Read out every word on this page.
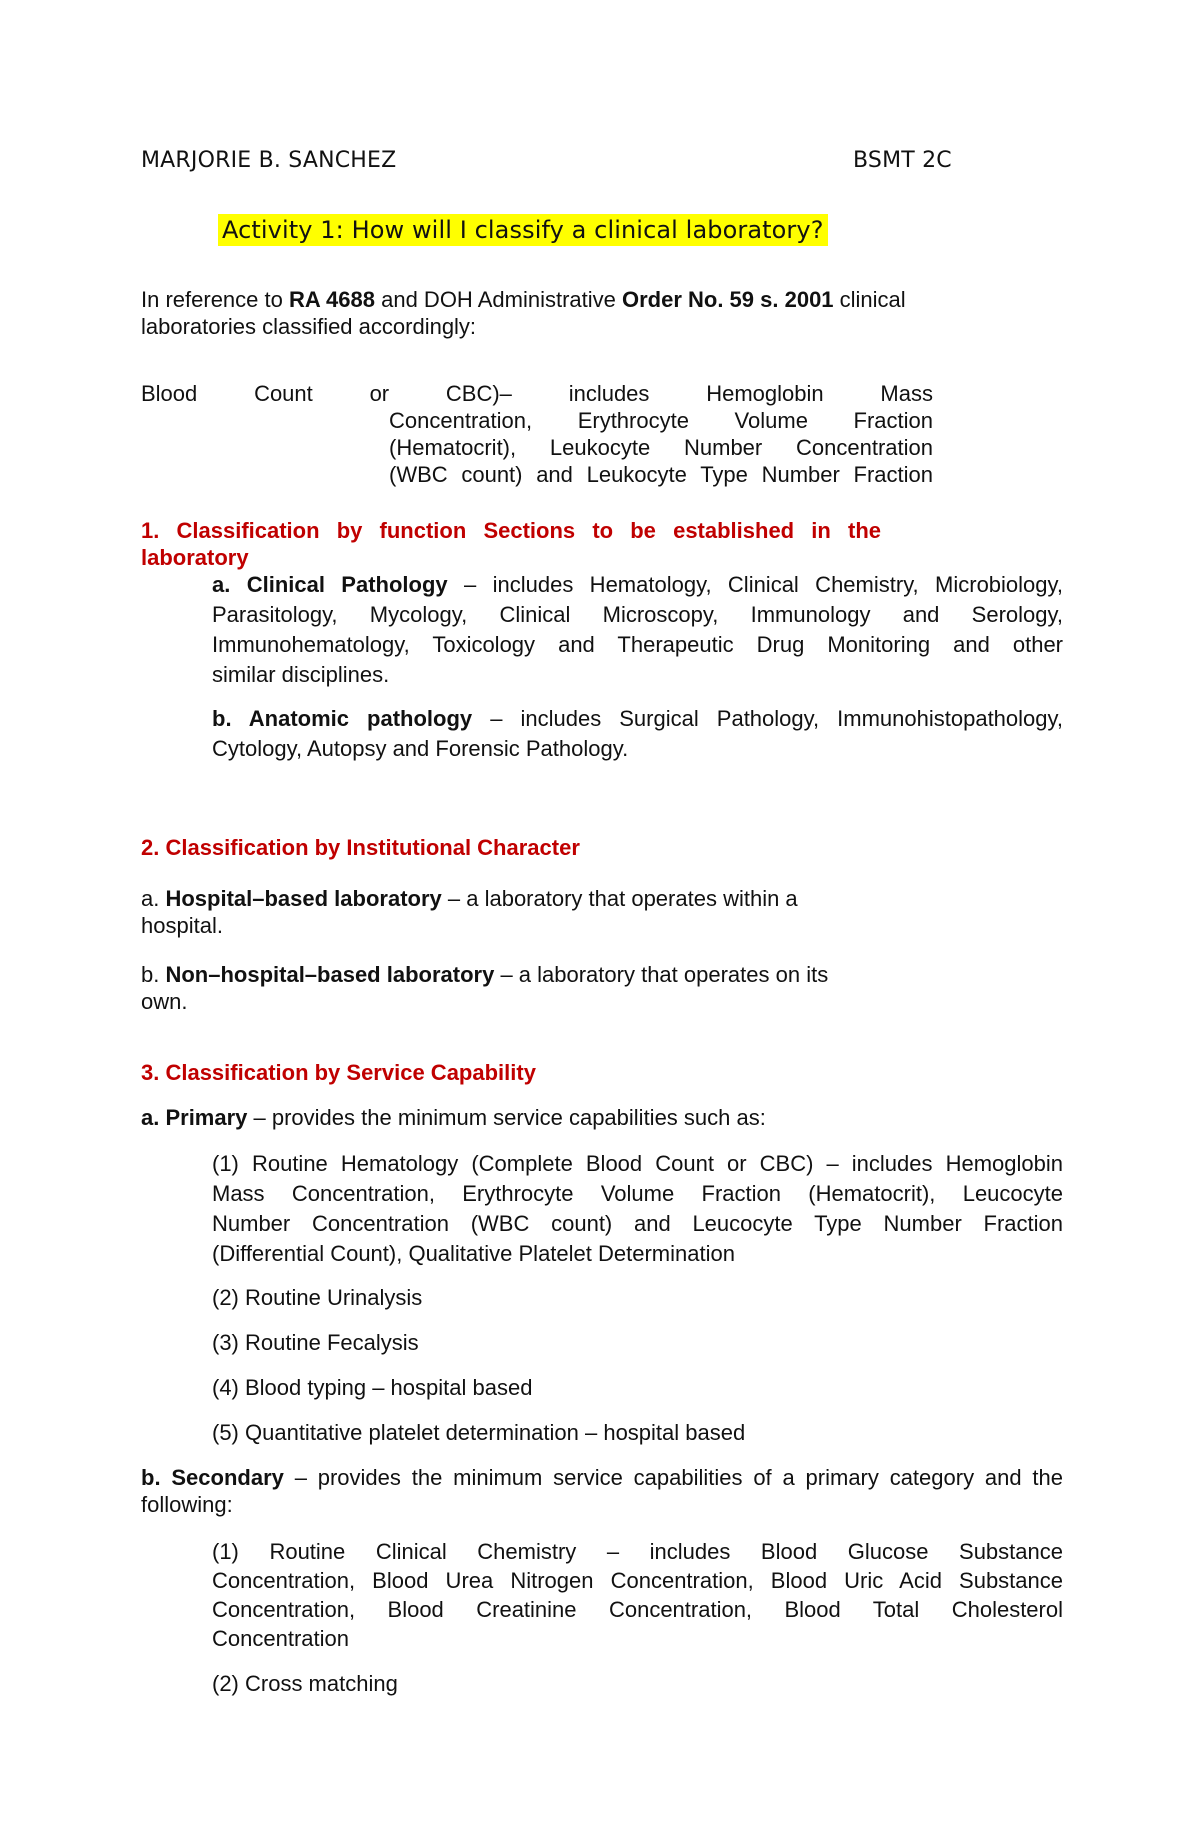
MARJORIE B. SANCHEZ	BSMT 2C
Activity 1: How will I classify a clinical laboratory?
In reference to RA 4688 and DOH Administrative Order No. 59 s. 2001 clinical
laboratories classified accordingly:
Blood	Count	or	CBC)–	includes	Hemoglobin	Mass
Concentration, Erythrocyte Volume Fraction
(Hematocrit), Leukocyte Number Concentration
(WBC count) and Leukocyte Type Number Fraction
1. Classification by function Sections to be established in the
laboratory
a. Clinical Pathology – includes Hematology, Clinical Chemistry, Microbiology,
Parasitology, Mycology, Clinical Microscopy, Immunology and Serology,
Immunohematology, Toxicology and Therapeutic Drug Monitoring and other
similar disciplines.
b. Anatomic pathology – includes Surgical Pathology, Immunohistopathology,
Cytology, Autopsy and Forensic Pathology.
2. Classification by Institutional Character
a. Hospital–based laboratory – a laboratory that operates within a
hospital.
b. Non–hospital–based laboratory – a laboratory that operates on its
own.
3. Classification by Service Capability
a. Primary – provides the minimum service capabilities such as:
(1) Routine Hematology (Complete Blood Count or CBC) – includes Hemoglobin
Mass Concentration, Erythrocyte Volume Fraction (Hematocrit), Leucocyte
Number Concentration (WBC count) and Leucocyte Type Number Fraction
(Differential Count), Qualitative Platelet Determination
(2) Routine Urinalysis
(3) Routine Fecalysis
(4) Blood typing – hospital based
(5) Quantitative platelet determination – hospital based
b. Secondary – provides the minimum service capabilities of a primary category and the
following:
(1) Routine Clinical Chemistry – includes Blood Glucose Substance
Concentration, Blood Urea Nitrogen Concentration, Blood Uric Acid Substance
Concentration, Blood Creatinine Concentration, Blood Total Cholesterol
Concentration
(2) Cross matching
